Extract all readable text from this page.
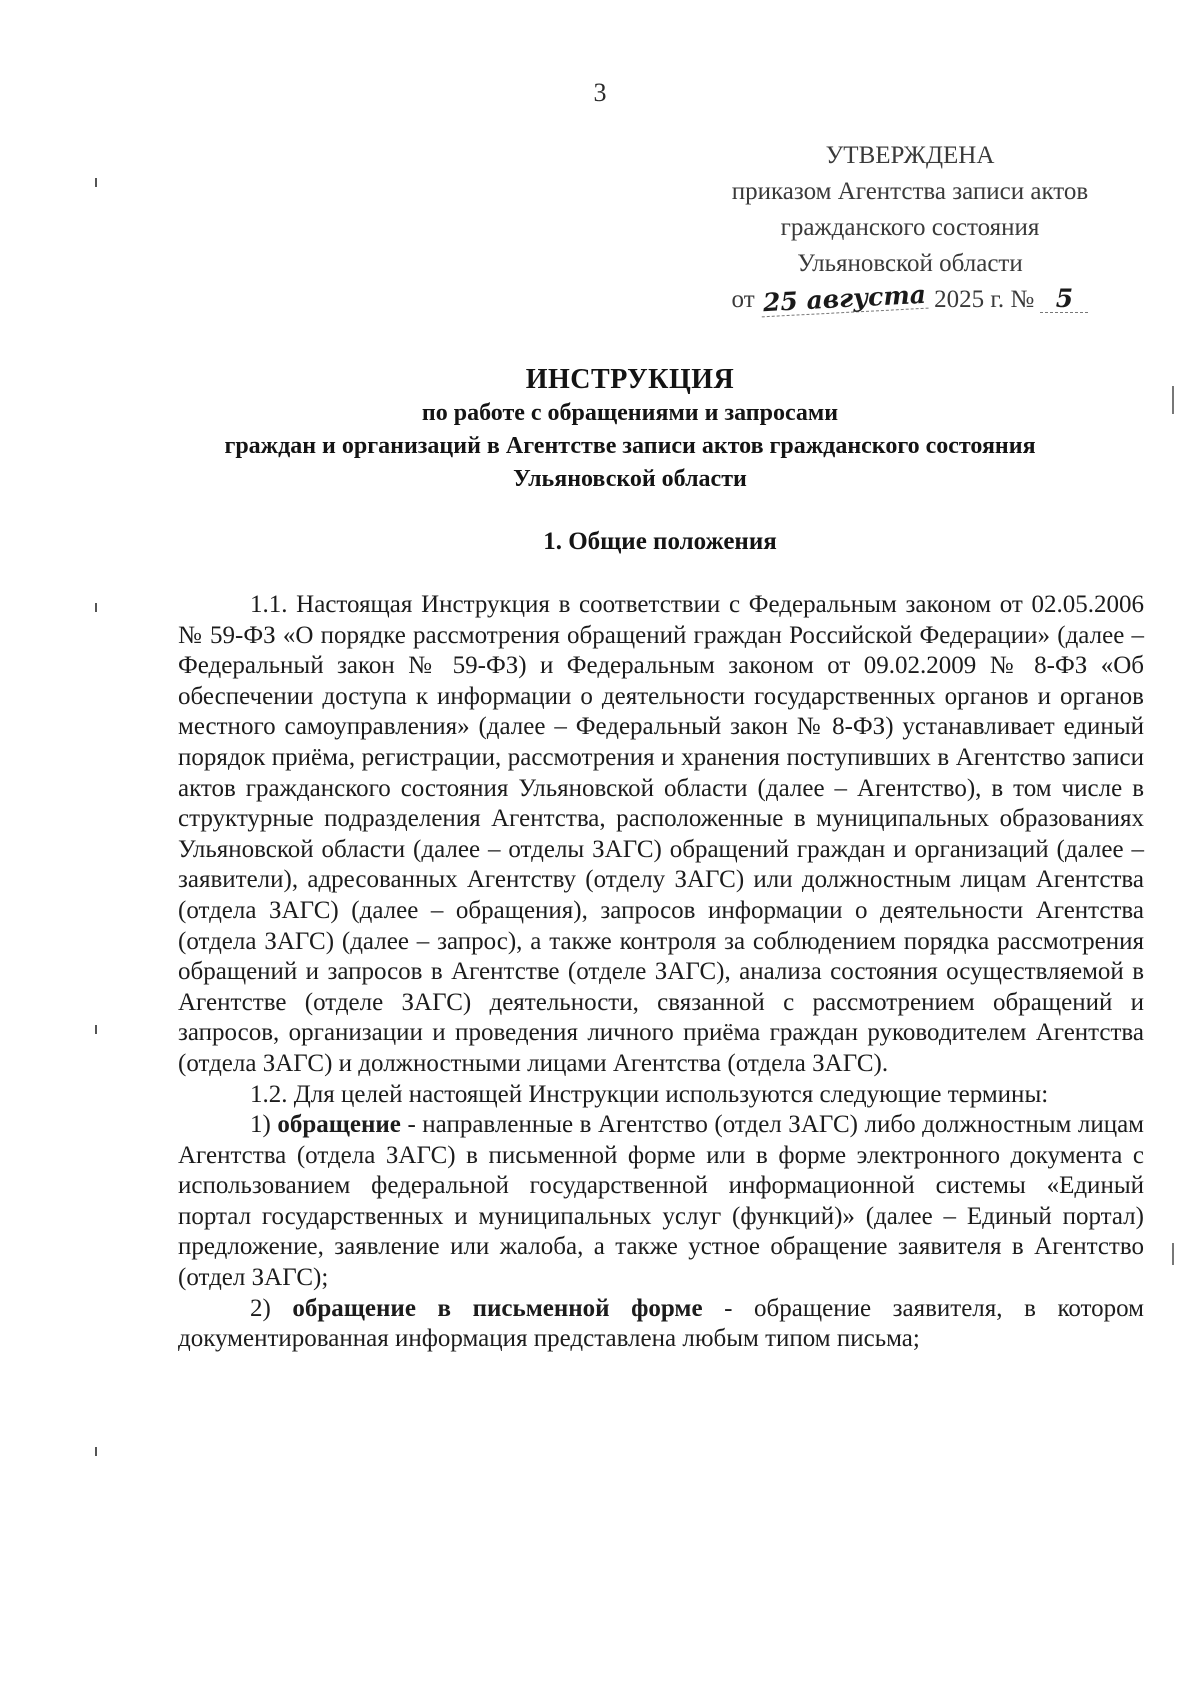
3
УТВЕРЖДЕНА
приказом Агентства записи актов
гражданского состояния
Ульяновской области
от 25 августа 2025 г. № 5
ИНСТРУКЦИЯ
по работе с обращениями и запросами
граждан и организаций в Агентстве записи актов гражданского состояния
Ульяновской области
1. Общие положения

1.1. Настоящая Инструкция в соответствии с Федеральным законом от 02.05.2006 № 59-ФЗ «О порядке рассмотрения обращений граждан Российской Федерации» (далее – Федеральный закон № 59-ФЗ) и Федеральным законом от 09.02.2009 № 8-ФЗ «Об обеспечении доступа к информации о деятельности государственных органов и органов местного самоуправления» (далее – Федеральный закон № 8-ФЗ) устанавливает единый порядок приёма, регистрации, рассмотрения и хранения поступивших в Агентство записи актов гражданского состояния Ульяновской области (далее – Агентство), в том числе в структурные подразделения Агентства, расположенные в муниципальных образованиях Ульяновской области (далее – отделы ЗАГС) обращений граждан и организаций (далее – заявители), адресованных Агентству (отделу ЗАГС) или должностным лицам Агентства (отдела ЗАГС) (далее – обращения), запросов информации о деятельности Агентства (отдела ЗАГС) (далее – запрос), а также контроля за соблюдением порядка рассмотрения обращений и запросов в Агентстве (отделе ЗАГС), анализа состояния осуществляемой в Агентстве (отделе ЗАГС) деятельности, связанной с рассмотрением обращений и запросов, организации и проведения личного приёма граждан руководителем Агентства (отдела ЗАГС) и должностными лицами Агентства (отдела ЗАГС).

1.2. Для целей настоящей Инструкции используются следующие термины:

1) обращение - направленные в Агентство (отдел ЗАГС) либо должностным лицам Агентства (отдела ЗАГС) в письменной форме или в форме электронного документа с использованием федеральной государственной информационной системы «Единый портал государственных и муниципальных услуг (функций)» (далее – Единый портал) предложение, заявление или жалоба, а также устное обращение заявителя в Агентство (отдел ЗАГС);

2) обращение в письменной форме - обращение заявителя, в котором документированная информация представлена любым типом письма;
